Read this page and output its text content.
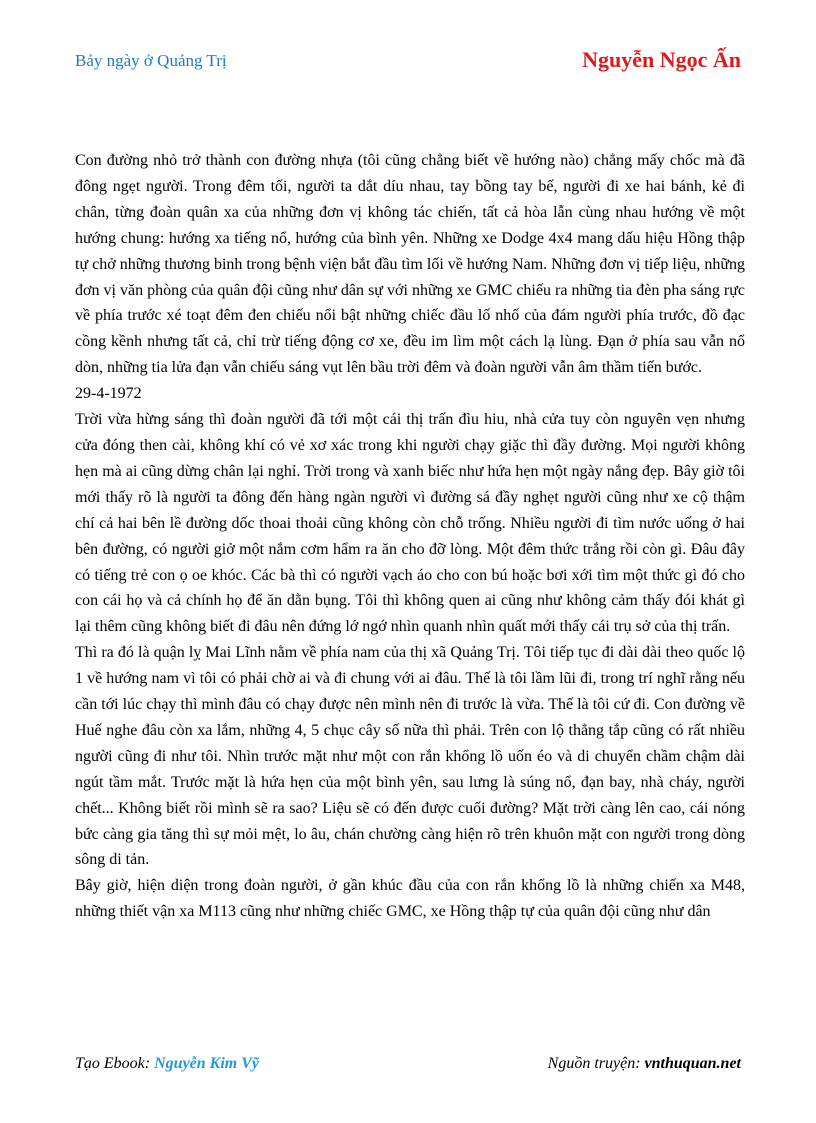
Bảy ngày ở Quảng Trị	Nguyễn Ngọc Ấn

Con đường nhỏ trở thành con đường nhựa (tôi cũng chẳng biết về hướng nào) chẳng mấy chốc mà đã đông ngẹt người. Trong đêm tối, người ta dắt díu nhau, tay bồng tay bế, người đi xe hai bánh, kẻ đi chân, từng đoàn quân xa của những đơn vị không tác chiến, tất cả hòa lẫn cùng nhau hướng về một hướng chung: hướng xa tiếng nổ, hướng của bình yên. Những xe Dodge 4x4 mang dấu hiệu Hồng thập tự chở những thương binh trong bệnh viện bắt đầu tìm lối về hướng Nam. Những đơn vị tiếp liệu, những đơn vị văn phòng của quân đội cũng như dân sự với những xe GMC chiếu ra những tia đèn pha sáng rực về phía trước xé toạt đêm đen chiếu nổi bật những chiếc đầu lố nhố của đám người phía trước, đồ đạc cồng kềnh nhưng tất cả, chỉ trừ tiếng động cơ xe, đều im lìm một cách lạ lùng. Đạn ở phía sau vẫn nổ dòn, những tia lửa đạn vẫn chiếu sáng vụt lên bầu trời đêm và đoàn người vẫn âm thầm tiến bước.

29-4-1972

Trời vừa hừng sáng thì đoàn người đã tới một cái thị trấn đìu hiu, nhà cửa tuy còn nguyên vẹn nhưng cửa đóng then cài, không khí có vẻ xơ xác trong khi người chạy giặc thì đầy đường. Mọi người không hẹn mà ai cũng dừng chân lại nghỉ. Trời trong và xanh biếc như hứa hẹn một ngày nắng đẹp. Bây giờ tôi mới thấy rõ là người ta đông đến hàng ngàn người vì đường sá đầy nghẹt người cũng như xe cộ thậm chí cả hai bên lề đường dốc thoai thoải cũng không còn chỗ trống. Nhiều người đi tìm nước uống ở hai bên đường, có người giở một nắm cơm hẩm ra ăn cho đỡ lòng. Một đêm thức trắng rồi còn gì. Đâu đây có tiếng trẻ con ọ oe khóc. Các bà thì có người vạch áo cho con bú hoặc bơi xới tìm một thức gì đó cho con cái họ và cả chính họ để ăn dằn bụng. Tôi thì không quen ai cũng như không cảm thấy đói khát gì lại thêm cũng không biết đi đâu nên đứng lớ ngớ nhìn quanh nhìn quất mới thấy cái trụ sở của thị trấn.

Thì ra đó là quận lỵ Mai Lĩnh nằm về phía nam của thị xã Quảng Trị. Tôi tiếp tục đi dài dài theo quốc lộ 1 về hướng nam vì tôi có phải chờ ai và đi chung với ai đâu. Thế là tôi lầm lũi đi, trong trí nghĩ rằng nếu cần tới lúc chạy thì mình đâu có chạy được nên mình nên đi trước là vừa. Thế là tôi cứ đi. Con đường về Huế nghe đâu còn xa lắm, những 4, 5 chục cây số nữa thì phải. Trên con lộ thẳng tắp cũng có rất nhiều người cũng đi như tôi. Nhìn trước mặt như một con rắn khổng lồ uốn éo và di chuyển chầm chậm dài ngút tầm mắt. Trước mặt là hứa hẹn của một bình yên, sau lưng là súng nổ, đạn bay, nhà cháy, người chết... Không biết rồi mình sẽ ra sao? Liệu sẽ có đến được cuối đường? Mặt trời càng lên cao, cái nóng bức càng gia tăng thì sự mỏi mệt, lo âu, chán chường càng hiện rõ trên khuôn mặt con người trong dòng sông di tản.

Bây giờ, hiện diện trong đoàn người, ở gần khúc đầu của con rắn khổng lồ là những chiến xa M48, những thiết vận xa M113 cũng như những chiếc GMC, xe Hồng thập tự của quân đội cũng như dân

Tạo Ebook: Nguyễn Kim Vỹ	Nguồn truyện: vnthuquan.net
